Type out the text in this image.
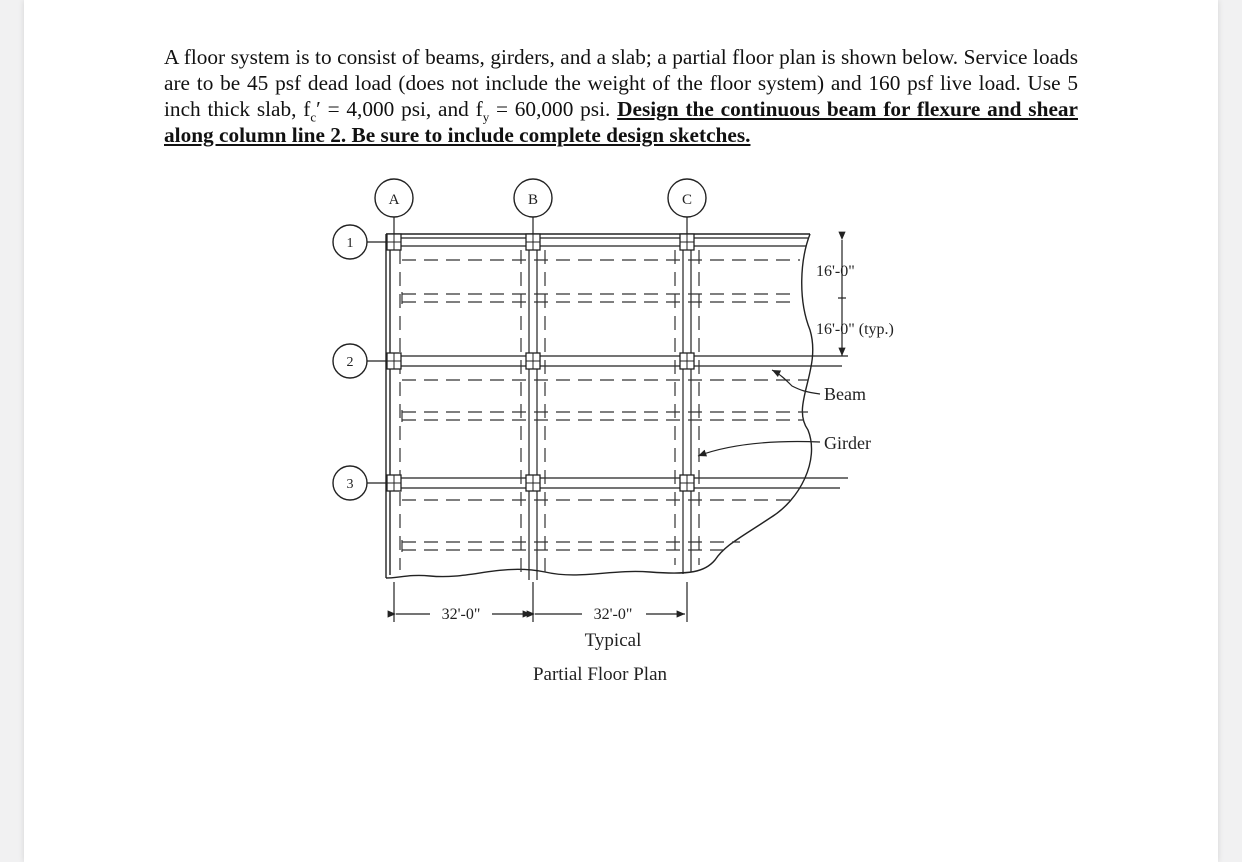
A floor system is to consist of beams, girders, and a slab; a partial floor plan is shown below. Service loads are to be 45 psf dead load (does not include the weight of the floor system) and 160 psf live load. Use 5 inch thick slab, $f_c' = 4,000$ psi, and $f_y = 60,000$ psi. Design the continuous beam for flexure and shear along column line 2. Be sure to include complete design sketches.

A	B	C
1
2
3
16'-0"
16'-0" (typ.)
Beam
Girder
32'-0"	32'-0"
Typical
Partial Floor Plan
